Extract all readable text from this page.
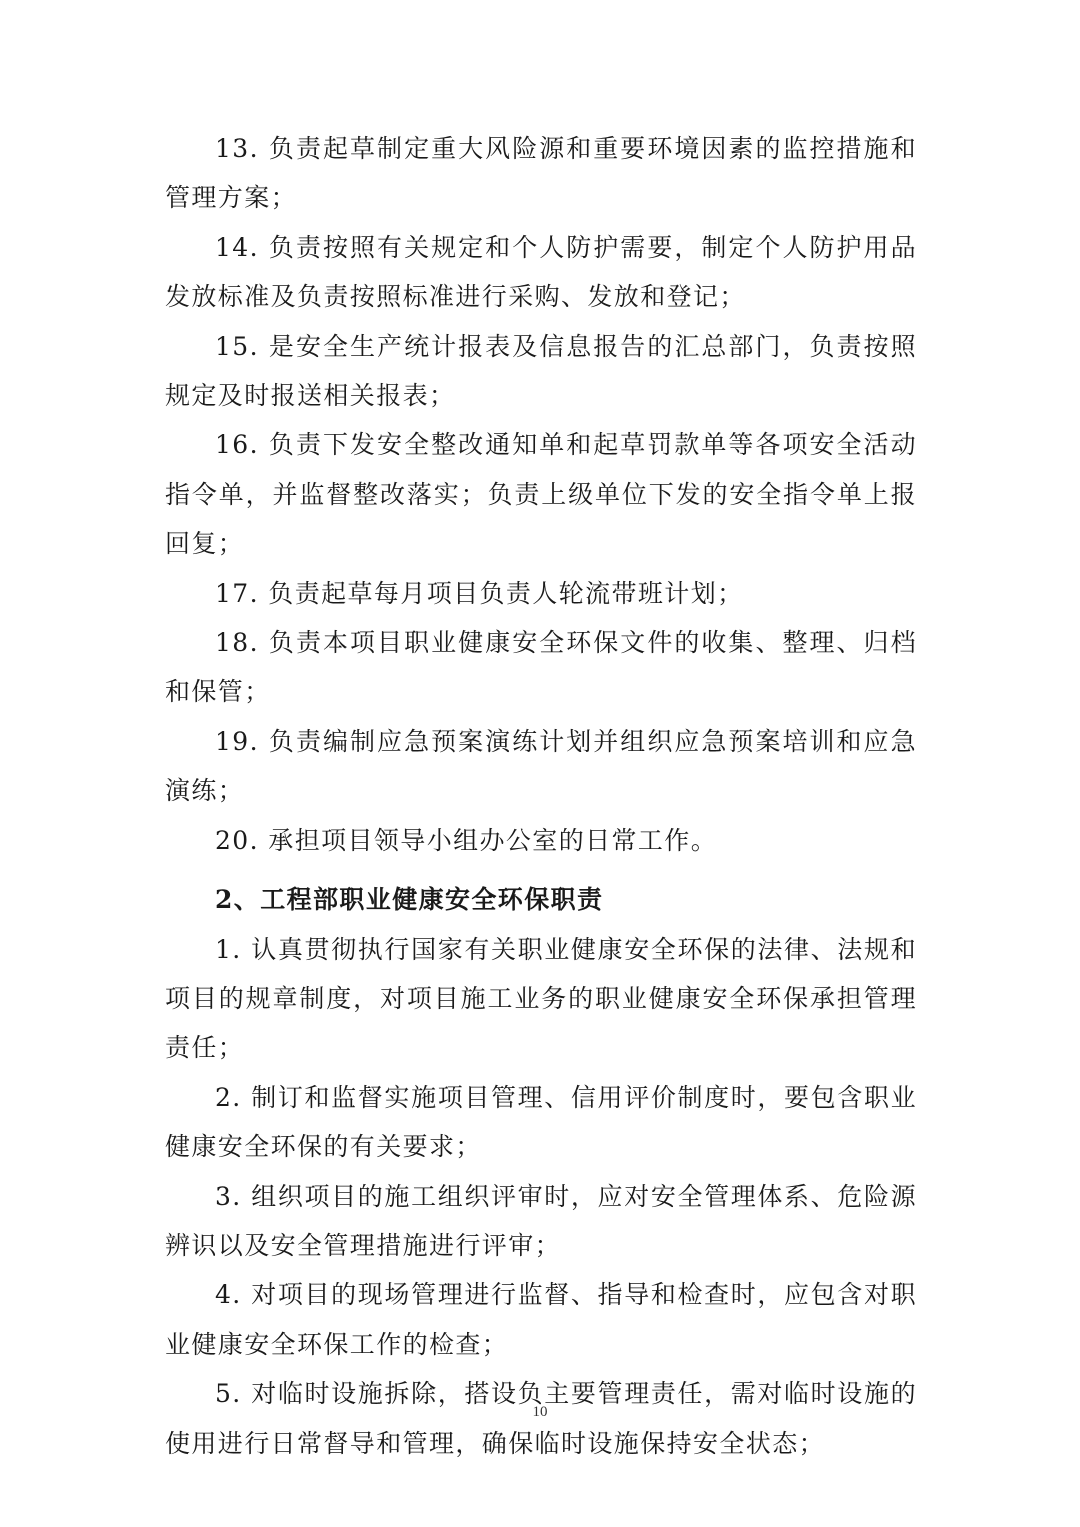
13. 负责起草制定重大风险源和重要环境因素的监控措施和管理方案；

14. 负责按照有关规定和个人防护需要，制定个人防护用品发放标准及负责按照标准进行采购、发放和登记；

15. 是安全生产统计报表及信息报告的汇总部门，负责按照规定及时报送相关报表；

16. 负责下发安全整改通知单和起草罚款单等各项安全活动指令单，并监督整改落实；负责上级单位下发的安全指令单上报回复；

17. 负责起草每月项目负责人轮流带班计划；

18. 负责本项目职业健康安全环保文件的收集、整理、归档和保管；

19. 负责编制应急预案演练计划并组织应急预案培训和应急演练；

20. 承担项目领导小组办公室的日常工作。

2、工程部职业健康安全环保职责

1. 认真贯彻执行国家有关职业健康安全环保的法律、法规和项目的规章制度，对项目施工业务的职业健康安全环保承担管理责任；

2. 制订和监督实施项目管理、信用评价制度时，要包含职业健康安全环保的有关要求；

3. 组织项目的施工组织评审时，应对安全管理体系、危险源辨识以及安全管理措施进行评审；

4. 对项目的现场管理进行监督、指导和检查时，应包含对职业健康安全环保工作的检查；

5. 对临时设施拆除，搭设负主要管理责任，需对临时设施的使用进行日常督导和管理，确保临时设施保持安全状态；

10
